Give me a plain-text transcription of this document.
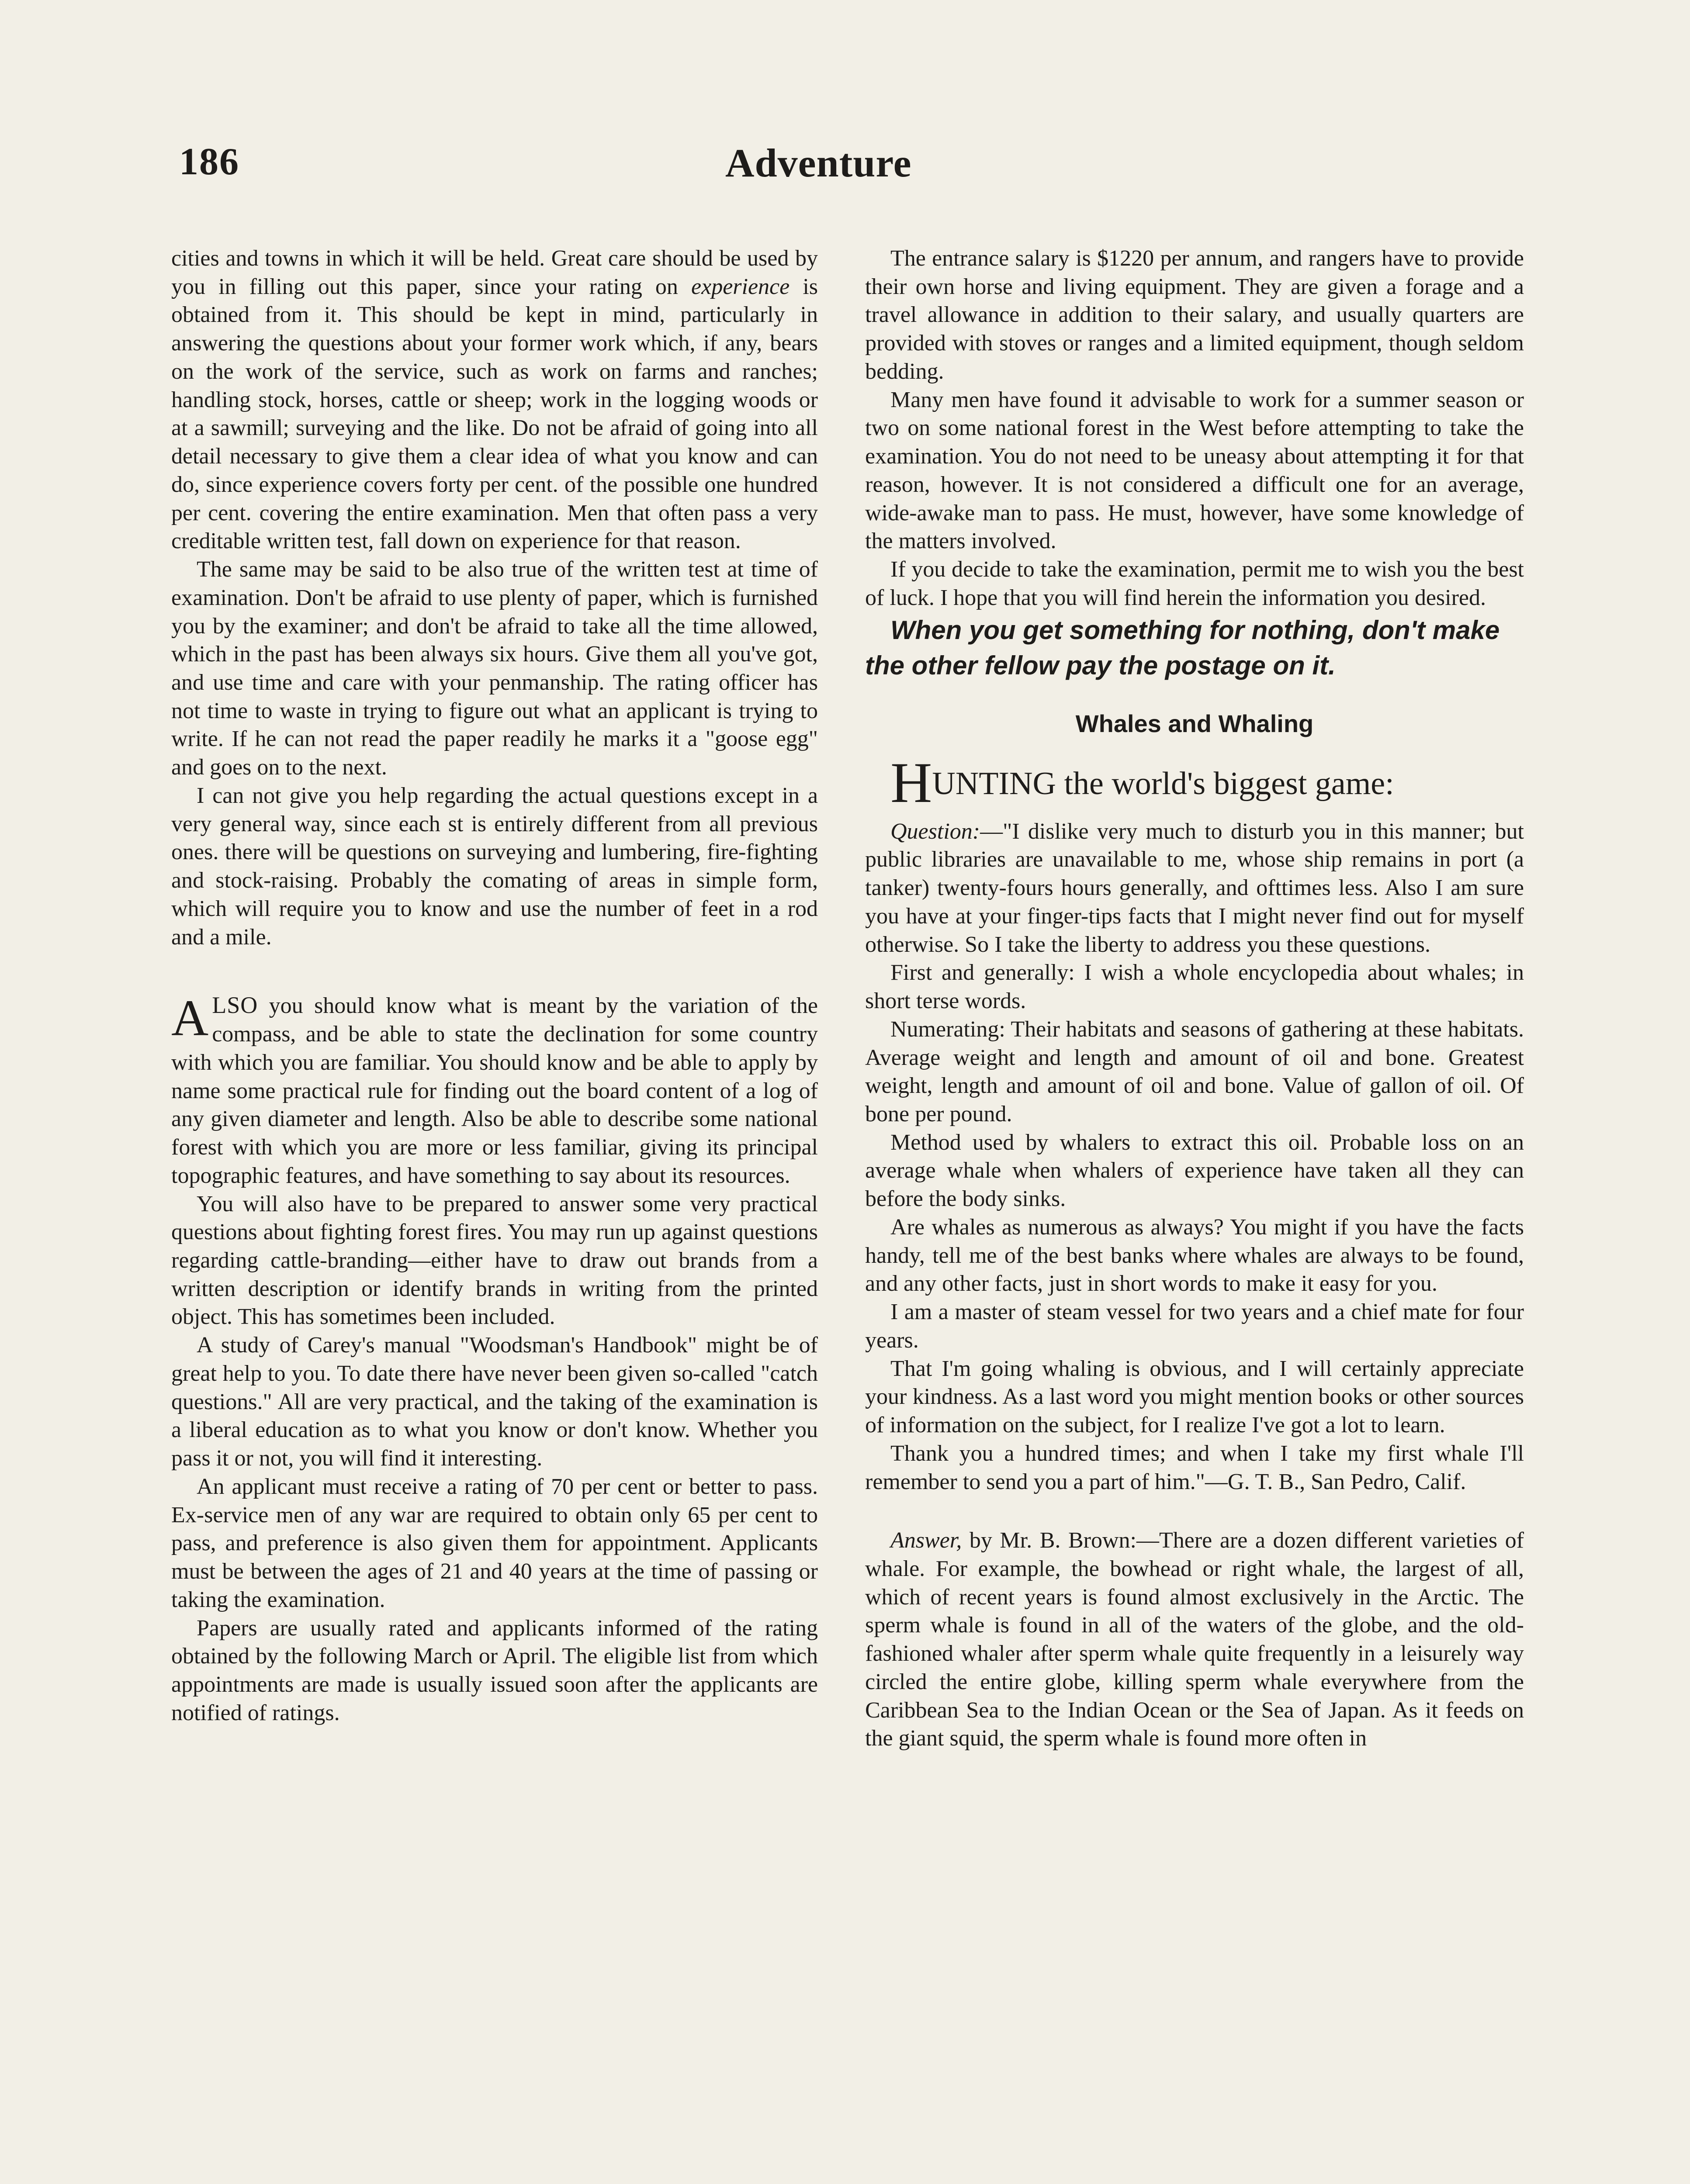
186	Adventure

cities and towns in which it will be held. Great care should be used by you in filling out this paper, since your rating on experience is obtained from it. This should be kept in mind, particularly in answering the questions about your former work which, if any, bears on the work of the service, such as work on farms and ranches; handling stock, horses, cattle or sheep; work in the logging woods or at a sawmill; surveying and the like. Do not be afraid of going into all detail necessary to give them a clear idea of what you know and can do, since experience covers forty per cent. of the possible one hundred per cent. covering the entire examination. Men that often pass a very creditable written test, fall down on experience for that reason.

The same may be said to be also true of the written test at time of examination. Don't be afraid to use plenty of paper, which is furnished you by the examiner; and don't be afraid to take all the time allowed, which in the past has been always six hours. Give them all you've got, and use time and care with your penmanship. The rating officer has not time to waste in trying to figure out what an applicant is trying to write. If he can not read the paper readily he marks it a "goose egg" and goes on to the next.

I can not give you help regarding the actual questions except in a very general way, since each st is entirely different from all previous ones. there will be questions on surveying and lumbering, fire-fighting and stock-raising. Probably the comating of areas in simple form, which will require you to know and use the number of feet in a rod and a mile.

ALSO you should know what is meant by the variation of the compass, and be able to state the declination for some country with which you are familiar. You should know and be able to apply by name some practical rule for finding out the board content of a log of any given diameter and length. Also be able to describe some national forest with which you are more or less familiar, giving its principal topographic features, and have something to say about its resources.

You will also have to be prepared to answer some very practical questions about fighting forest fires. You may run up against questions regarding cattle-branding—either have to draw out brands from a written description or identify brands in writing from the printed object. This has sometimes been included.

A study of Carey's manual "Woodsman's Handbook" might be of great help to you. To date there have never been given so-called "catch questions." All are very practical, and the taking of the examination is a liberal education as to what you know or don't know. Whether you pass it or not, you will find it interesting.

An applicant must receive a rating of 70 per cent or better to pass. Ex-service men of any war are required to obtain only 65 per cent to pass, and preference is also given them for appointment. Applicants must be between the ages of 21 and 40 years at the time of passing or taking the examination.

Papers are usually rated and applicants informed of the rating obtained by the following March or April. The eligible list from which appointments are made is usually issued soon after the applicants are notified of ratings.

The entrance salary is $1220 per annum, and rangers have to provide their own horse and living equipment. They are given a forage and a travel allowance in addition to their salary, and usually quarters are provided with stoves or ranges and a limited equipment, though seldom bedding.

Many men have found it advisable to work for a summer season or two on some national forest in the West before attempting to take the examination. You do not need to be uneasy about attempting it for that reason, however. It is not considered a difficult one for an average, wide-awake man to pass. He must, however, have some knowledge of the matters involved.

If you decide to take the examination, permit me to wish you the best of luck. I hope that you will find herein the information you desired.

When you get something for nothing, don't make the other fellow pay the postage on it.

Whales and Whaling

HUNTING the world's biggest game:

Question:—"I dislike very much to disturb you in this manner; but public libraries are unavailable to me, whose ship remains in port (a tanker) twenty-fours hours generally, and ofttimes less. Also I am sure you have at your finger-tips facts that I might never find out for myself otherwise. So I take the liberty to address you these questions.

First and generally: I wish a whole encyclopedia about whales; in short terse words.

Numerating: Their habitats and seasons of gathering at these habitats. Average weight and length and amount of oil and bone. Greatest weight, length and amount of oil and bone. Value of gallon of oil. Of bone per pound.

Method used by whalers to extract this oil. Probable loss on an average whale when whalers of experience have taken all they can before the body sinks.

Are whales as numerous as always? You might if you have the facts handy, tell me of the best banks where whales are always to be found, and any other facts, just in short words to make it easy for you.

I am a master of steam vessel for two years and a chief mate for four years.

That I'm going whaling is obvious, and I will certainly appreciate your kindness. As a last word you might mention books or other sources of information on the subject, for I realize I've got a lot to learn.

Thank you a hundred times; and when I take my first whale I'll remember to send you a part of him."—G. T. B., San Pedro, Calif.

Answer, by Mr. B. Brown:—There are a dozen different varieties of whale. For example, the bowhead or right whale, the largest of all, which of recent years is found almost exclusively in the Arctic. The sperm whale is found in all of the waters of the globe, and the old-fashioned whaler after sperm whale quite frequently in a leisurely way circled the entire globe, killing sperm whale everywhere from the Caribbean Sea to the Indian Ocean or the Sea of Japan. As it feeds on the giant squid, the sperm whale is found more often in
